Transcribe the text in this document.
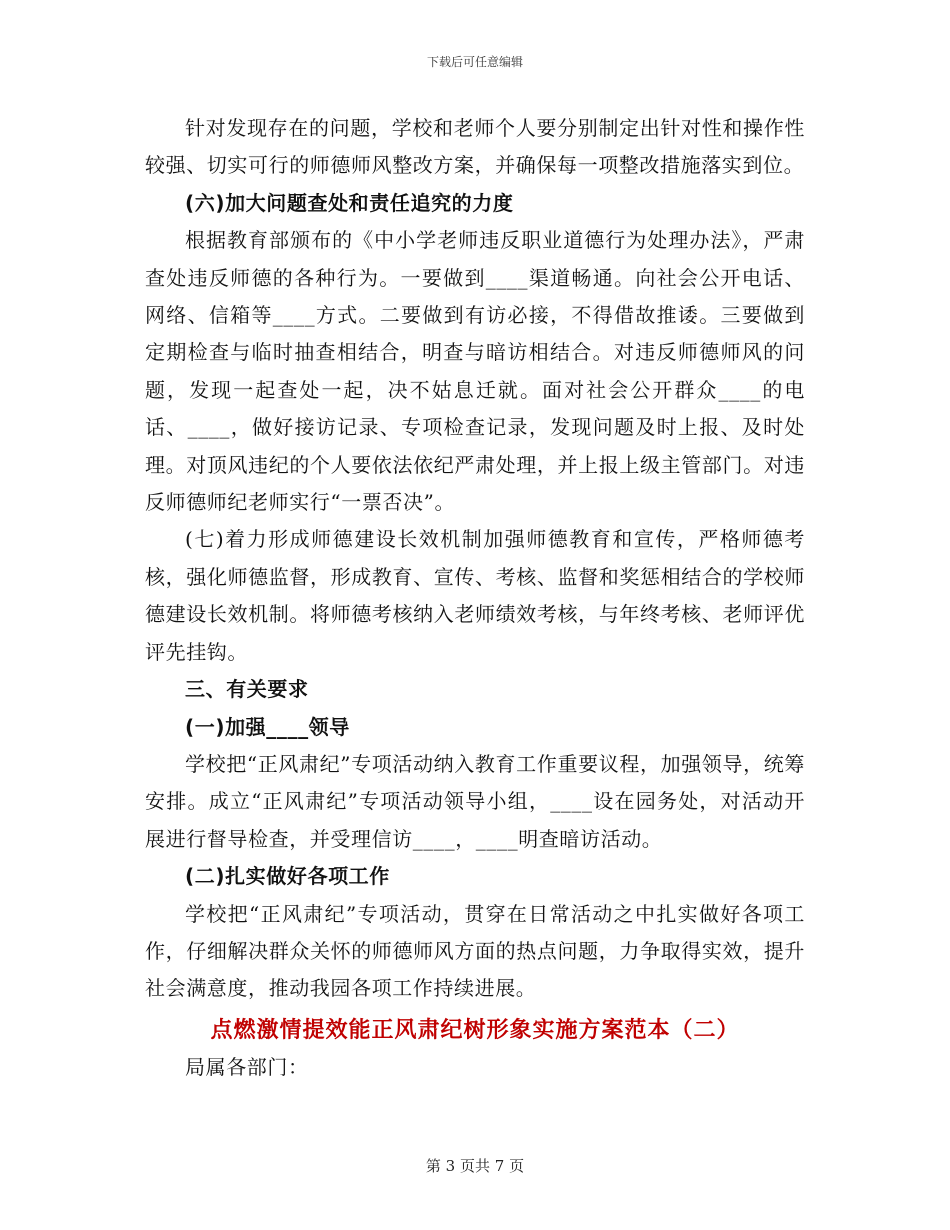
下载后可任意编辑

针对发现存在的问题，学校和老师个人要分别制定出针对性和操作性较强、切实可行的师德师风整改方案，并确保每一项整改措施落实到位。

(六)加大问题查处和责任追究的力度

根据教育部颁布的《中小学老师违反职业道德行为处理办法》，严肃查处违反师德的各种行为。一要做到____渠道畅通。向社会公开电话、网络、信箱等____方式。二要做到有访必接，不得借故推诿。三要做到定期检查与临时抽查相结合，明查与暗访相结合。对违反师德师风的问题，发现一起查处一起，决不姑息迁就。面对社会公开群众____的电话、____，做好接访记录、专项检查记录，发现问题及时上报、及时处理。对顶风违纪的个人要依法依纪严肃处理，并上报上级主管部门。对违反师德师纪老师实行“一票否决”。

(七)着力形成师德建设长效机制加强师德教育和宣传，严格师德考核，强化师德监督，形成教育、宣传、考核、监督和奖惩相结合的学校师德建设长效机制。将师德考核纳入老师绩效考核，与年终考核、老师评优评先挂钩。

三、有关要求

(一)加强____领导

学校把“正风肃纪”专项活动纳入教育工作重要议程，加强领导，统筹安排。成立“正风肃纪”专项活动领导小组，____设在园务处，对活动开展进行督导检查，并受理信访____，____明查暗访活动。

(二)扎实做好各项工作

学校把“正风肃纪”专项活动，贯穿在日常活动之中扎实做好各项工作，仔细解决群众关怀的师德师风方面的热点问题，力争取得实效，提升社会满意度，推动我园各项工作持续进展。

点燃激情提效能正风肃纪树形象实施方案范本（二）

局属各部门：

第 3 页共 7 页
